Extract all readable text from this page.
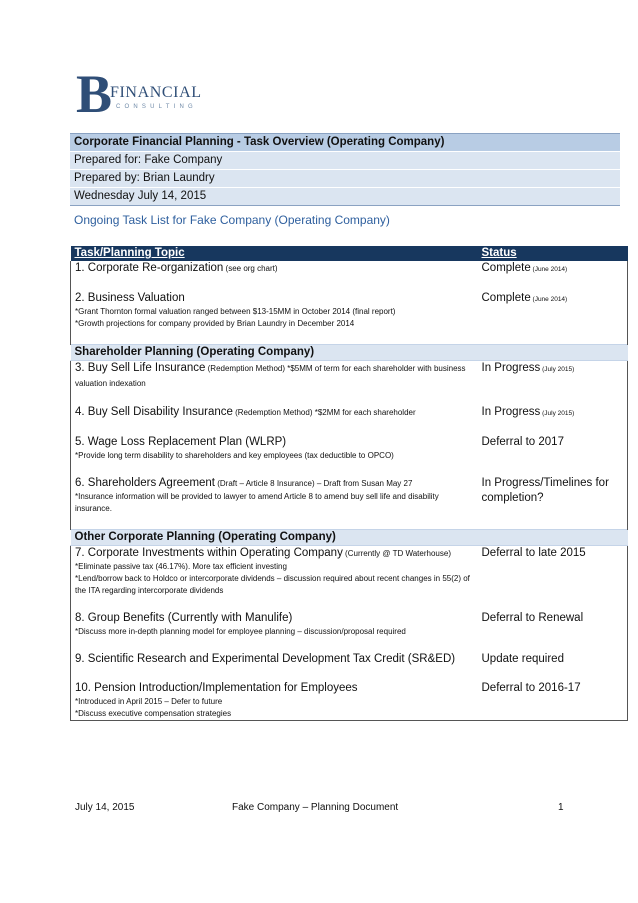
B
FINANCIAL
CONSULTING
Corporate Financial Planning - Task Overview (Operating Company)
Prepared for: Fake Company
Prepared by: Brian Laundry
Wednesday July 14, 2015
Ongoing Task List for Fake Company (Operating Company)
Task/Planning Topic	Status
1. Corporate Re-organization (see org chart)	Complete (June 2014)

2. Business Valuation
*Grant Thornton formal valuation ranged between $13-15MM in October 2014 (final report)
*Growth projections for company provided by Brian Laundry in December 2014	Complete (June 2014)

Shareholder Planning (Operating Company)	
3. Buy Sell Life Insurance (Redemption Method) *$5MM of term for each shareholder with business valuation indexation	In Progress (July 2015)

4. Buy Sell Disability Insurance (Redemption Method) *$2MM for each shareholder	In Progress (July 2015)

5. Wage Loss Replacement Plan (WLRP)
*Provide long term disability to shareholders and key employees (tax deductible to OPCO)	Deferral to 2017

6. Shareholders Agreement (Draft – Article 8 Insurance) – Draft from Susan May 27
*Insurance information will be provided to lawyer to amend Article 8 to amend buy sell life and disability insurance.	In Progress/Timelines for completion?

Other Corporate Planning (Operating Company)	
7. Corporate Investments within Operating Company (Currently @ TD Waterhouse)
*Eliminate passive tax (46.17%). More tax efficient investing
*Lend/borrow back to Holdco or intercorporate dividends – discussion required about recent changes in 55(2) of the ITA regarding intercorporate dividends	Deferral to late 2015

8. Group Benefits (Currently with Manulife)
*Discuss more in-depth planning model for employee planning – discussion/proposal required	Deferral to Renewal

9. Scientific Research and Experimental Development Tax Credit (SR&ED)	Update required

10. Pension Introduction/Implementation for Employees
*Introduced in April 2015 – Defer to future
*Discuss executive compensation strategies	Deferral to 2016-17
July 14, 2015	Fake Company – Planning Document	1
